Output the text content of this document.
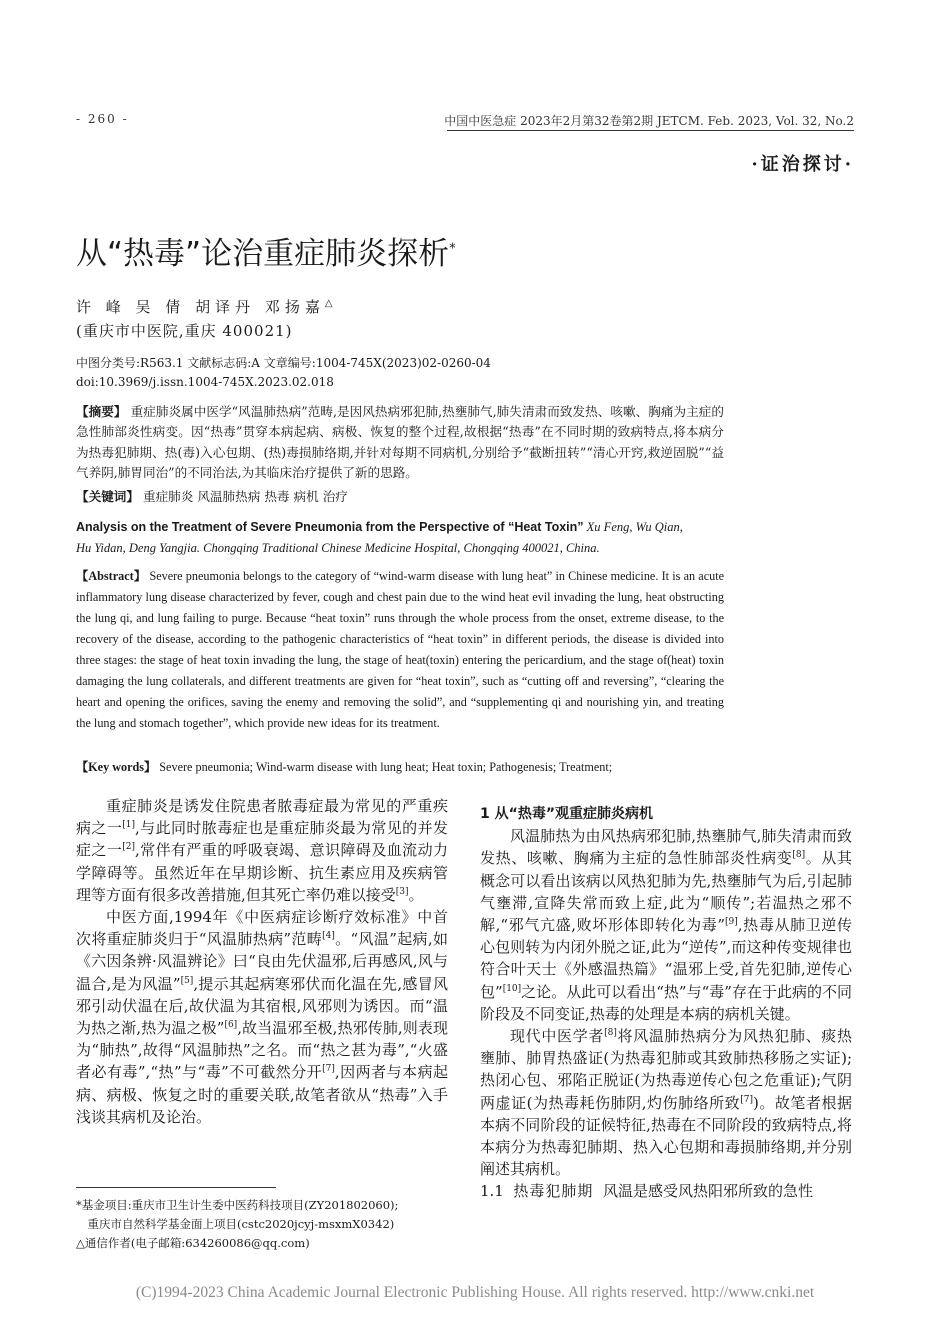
- 260 -	中国中医急症 2023年2月第32卷第2期 JETCM. Feb. 2023, Vol. 32, No.2
·证治探讨·
从“热毒”论治重症肺炎探析*
许 峰 吴 倩 胡译丹 邓扬嘉△
(重庆市中医院,重庆 400021)
中图分类号:R563.1 文献标志码:A 文章编号:1004-745X(2023)02-0260-04
doi:10.3969/j.issn.1004-745X.2023.02.018
【摘要】 重症肺炎属中医学“风温肺热病”范畴,是因风热病邪犯肺,热壅肺气,肺失清肃而致发热、咳嗽、胸痛为主症的急性肺部炎性病变。因“热毒”贯穿本病起病、病极、恢复的整个过程,故根据“热毒”在不同时期的致病特点,将本病分为热毒犯肺期、热(毒)入心包期、(热)毒损肺络期,并针对每期不同病机,分别给予“截断扭转”“清心开窍,救逆固脱”“益气养阴,肺胃同治”的不同治法,为其临床治疗提供了新的思路。
【关键词】 重症肺炎 风温肺热病 热毒 病机 治疗
Analysis on the Treatment of Severe Pneumonia from the Perspective of “Heat Toxin” Xu Feng, Wu Qian,
Hu Yidan, Deng Yangjia. Chongqing Traditional Chinese Medicine Hospital, Chongqing 400021, China.
【Abstract】 Severe pneumonia belongs to the category of “wind-warm disease with lung heat” in Chinese medicine. It is an acute inflammatory lung disease characterized by fever, cough and chest pain due to the wind heat evil invading the lung, heat obstructing the lung qi, and lung failing to purge. Because “heat toxin” runs through the whole process from the onset, extreme disease, to the recovery of the disease, according to the pathogenic characteristics of “heat toxin” in different periods, the disease is divided into three stages: the stage of heat toxin invading the lung, the stage of heat(toxin) entering the pericardium, and the stage of(heat) toxin damaging the lung collaterals, and different treatments are given for “heat toxin”, such as “cutting off and reversing”, “clearing the heart and opening the orifices, saving the enemy and removing the solid”, and “supplementing qi and nourishing yin, and treating the lung and stomach together”, which provide new ideas for its treatment.
【Key words】 Severe pneumonia; Wind-warm disease with lung heat; Heat toxin; Pathogenesis; Treatment;

重症肺炎是诱发住院患者脓毒症最为常见的严重疾病之一[1],与此同时脓毒症也是重症肺炎最为常见的并发症之一[2],常伴有严重的呼吸衰竭、意识障碍及血流动力学障碍等。虽然近年在早期诊断、抗生素应用及疾病管理等方面有很多改善措施,但其死亡率仍难以接受[3]。

中医方面,1994年《中医病症诊断疗效标准》中首次将重症肺炎归于“风温肺热病”范畴[4]。“风温”起病,如《六因条辨·风温辨论》曰“良由先伏温邪,后再感风,风与温合,是为风温”[5],提示其起病寒邪伏而化温在先,感冒风邪引动伏温在后,故伏温为其宿根,风邪则为诱因。而“温为热之渐,热为温之极”[6],故当温邪至极,热邪传肺,则表现为“肺热”,故得“风温肺热”之名。而“热之甚为毒”,“火盛者必有毒”,“热”与“毒”不可截然分开[7],因两者与本病起病、病极、恢复之时的重要关联,故笔者欲从“热毒”入手浅谈其病机及论治。

*基金项目:重庆市卫生计生委中医药科技项目(ZY201802060);
重庆市自然科学基金面上项目(cstc2020jcyj-msxmX0342)
△通信作者(电子邮箱:634260086@qq.com)

1 从“热毒”观重症肺炎病机

风温肺热为由风热病邪犯肺,热壅肺气,肺失清肃而致发热、咳嗽、胸痛为主症的急性肺部炎性病变[8]。从其概念可以看出该病以风热犯肺为先,热壅肺气为后,引起肺气壅滞,宣降失常而致上症,此为“顺传”;若温热之邪不解,“邪气亢盛,败坏形体即转化为毒”[9],热毒从肺卫逆传心包则转为内闭外脱之证,此为“逆传”,而这种传变规律也符合叶天士《外感温热篇》“温邪上受,首先犯肺,逆传心包”[10]之论。从此可以看出“热”与“毒”存在于此病的不同阶段及不同变证,热毒的处理是本病的病机关键。

现代中医学者[8]将风温肺热病分为风热犯肺、痰热壅肺、肺胃热盛证(为热毒犯肺或其致肺热移肠之实证);热闭心包、邪陷正脱证(为热毒逆传心包之危重证);气阴两虚证(为热毒耗伤肺阴,灼伤肺络所致[7])。故笔者根据本病不同阶段的证候特征,热毒在不同阶段的致病特点,将本病分为热毒犯肺期、热入心包期和毒损肺络期,并分别阐述其病机。

1.1 热毒犯肺期 风温是感受风热阳邪所致的急性

(C)1994-2023 China Academic Journal Electronic Publishing House. All rights reserved. http://www.cnki.net
